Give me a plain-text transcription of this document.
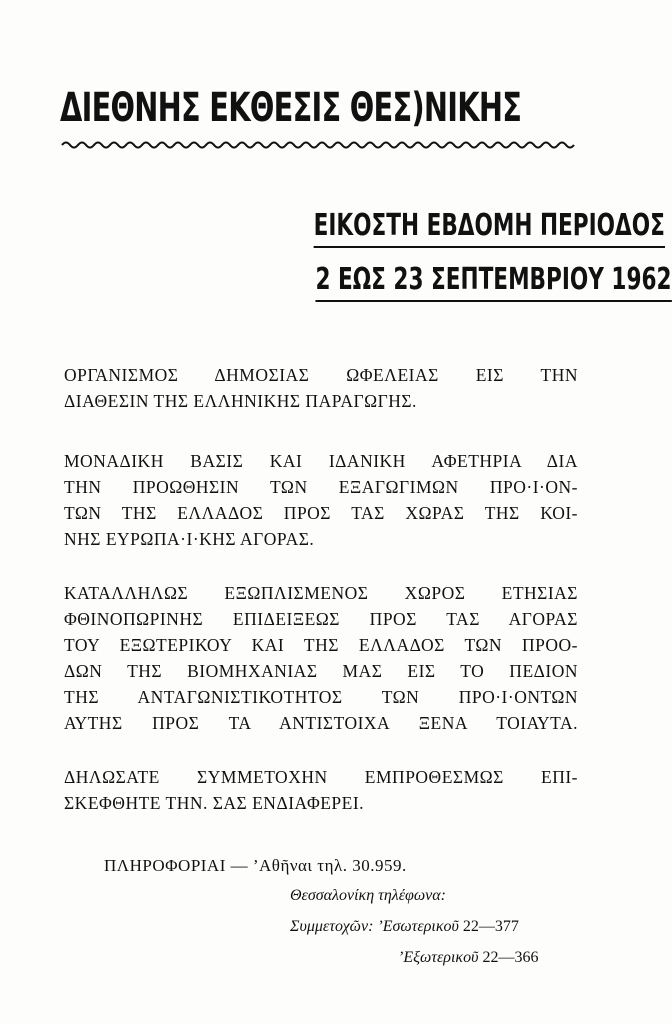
ΔΙΕΘΝΗΣ ΕΚΘΕΣΙΣ ΘΕΣ)ΝΙΚΗΣ
ΕΙΚΟΣΤΗ ΕΒΔΟΜΗ ΠΕΡΙΟΔΟΣ
2 ΕΩΣ 23 ΣΕΠΤΕΜΒΡΙΟΥ 1962
ΟΡΓΑΝΙΣΜΟΣ ΔΗΜΟΣΙΑΣ ΩΦΕΛΕΙΑΣ ΕΙΣ ΤΗΝ
ΔΙΑΘΕΣΙΝ ΤΗΣ ΕΛΛΗΝΙΚΗΣ ΠΑΡΑΓΩΓΗΣ.
ΜΟΝΑΔΙΚΗ ΒΑΣΙΣ ΚΑΙ ΙΔΑΝΙΚΗ ΑΦΕΤΗΡΙΑ ΔΙΑ
ΤΗΝ ΠΡΟΩΘΗΣΙΝ ΤΩΝ ΕΞΑΓΩΓΙΜΩΝ ΠΡΟ·Ι·ΟΝ-
ΤΩΝ ΤΗΣ ΕΛΛΑΔΟΣ ΠΡΟΣ ΤΑΣ ΧΩΡΑΣ ΤΗΣ ΚΟΙ-
ΝΗΣ ΕΥΡΩΠΑ·Ι·ΚΗΣ ΑΓΟΡΑΣ.
ΚΑΤΑΛΛΗΛΩΣ ΕΞΩΠΛΙΣΜΕΝΟΣ ΧΩΡΟΣ ΕΤΗΣΙΑΣ
ΦΘΙΝΟΠΩΡΙΝΗΣ ΕΠΙΔΕΙΞΕΩΣ ΠΡΟΣ ΤΑΣ ΑΓΟΡΑΣ
ΤΟΥ ΕΞΩΤΕΡΙΚΟΥ ΚΑΙ ΤΗΣ ΕΛΛΑΔΟΣ ΤΩΝ ΠΡΟΟ-
ΔΩΝ ΤΗΣ ΒΙΟΜΗΧΑΝΙΑΣ ΜΑΣ ΕΙΣ ΤΟ ΠΕΔΙΟΝ
ΤΗΣ ΑΝΤΑΓΩΝΙΣΤΙΚΟΤΗΤΟΣ ΤΩΝ ΠΡΟ·Ι·ΟΝΤΩΝ
ΑΥΤΗΣ ΠΡΟΣ ΤΑ ΑΝΤΙΣΤΟΙΧΑ ΞΕΝΑ ΤΟΙΑΥΤΑ.
ΔΗΛΩΣΑΤΕ ΣΥΜΜΕΤΟΧΗΝ ΕΜΠΡΟΘΕΣΜΩΣ ΕΠΙ-
ΣΚΕΦΘΗΤΕ ΤΗΝ. ΣΑΣ ΕΝΔΙΑΦΕΡΕΙ.
ΠΛΗΡΟΦΟΡΙΑΙ — ’Αθῆναι τηλ. 30.959.
Θεσσαλονίκη τηλέφωνα:
Συμμετοχῶν: ’Εσωτερικοῦ 22—377
’Εξωτερικοῦ 22—366
